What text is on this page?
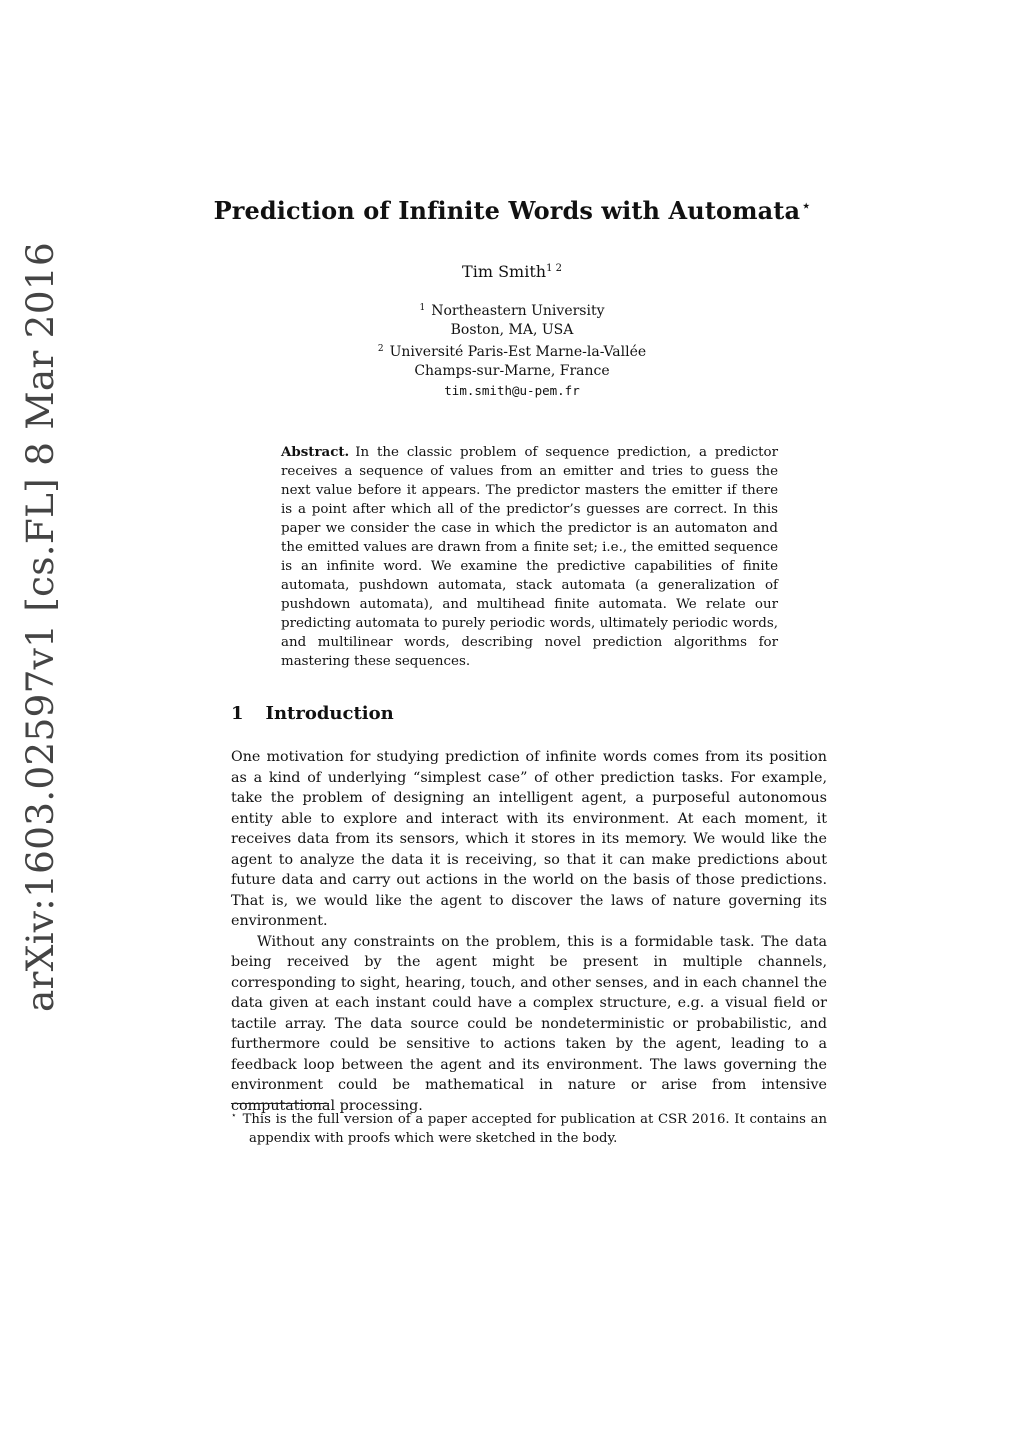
arXiv:1603.02597v1 [cs.FL] 8 Mar 2016
Prediction of Infinite Words with Automata ⋆
Tim Smith$^{1 2}$
$^1$ Northeastern University
Boston, MA, USA
$^2$ Université Paris-Est Marne-la-Vallée
Champs-sur-Marne, France
tim.smith@u-pem.fr
Abstract. In the classic problem of sequence prediction, a predictor receives a sequence of values from an emitter and tries to guess the next value before it appears. The predictor masters the emitter if there is a point after which all of the predictor’s guesses are correct. In this paper we consider the case in which the predictor is an automaton and the emitted values are drawn from a finite set; i.e., the emitted sequence is an infinite word. We examine the predictive capabilities of finite automata, pushdown automata, stack automata (a generalization of pushdown automata), and multihead finite automata. We relate our predicting automata to purely periodic words, ultimately periodic words, and multilinear words, describing novel prediction algorithms for mastering these sequences.
1 Introduction

One motivation for studying prediction of infinite words comes from its position as a kind of underlying “simplest case” of other prediction tasks. For example, take the problem of designing an intelligent agent, a purposeful autonomous entity able to explore and interact with its environment. At each moment, it receives data from its sensors, which it stores in its memory. We would like the agent to analyze the data it is receiving, so that it can make predictions about future data and carry out actions in the world on the basis of those predictions. That is, we would like the agent to discover the laws of nature governing its environment.

Without any constraints on the problem, this is a formidable task. The data being received by the agent might be present in multiple channels, corresponding to sight, hearing, touch, and other senses, and in each channel the data given at each instant could have a complex structure, e.g. a visual field or tactile array. The data source could be nondeterministic or probabilistic, and furthermore could be sensitive to actions taken by the agent, leading to a feedback loop between the agent and its environment. The laws governing the environment could be mathematical in nature or arise from intensive computational processing.

⋆ This is the full version of a paper accepted for publication at CSR 2016. It contains an appendix with proofs which were sketched in the body.
